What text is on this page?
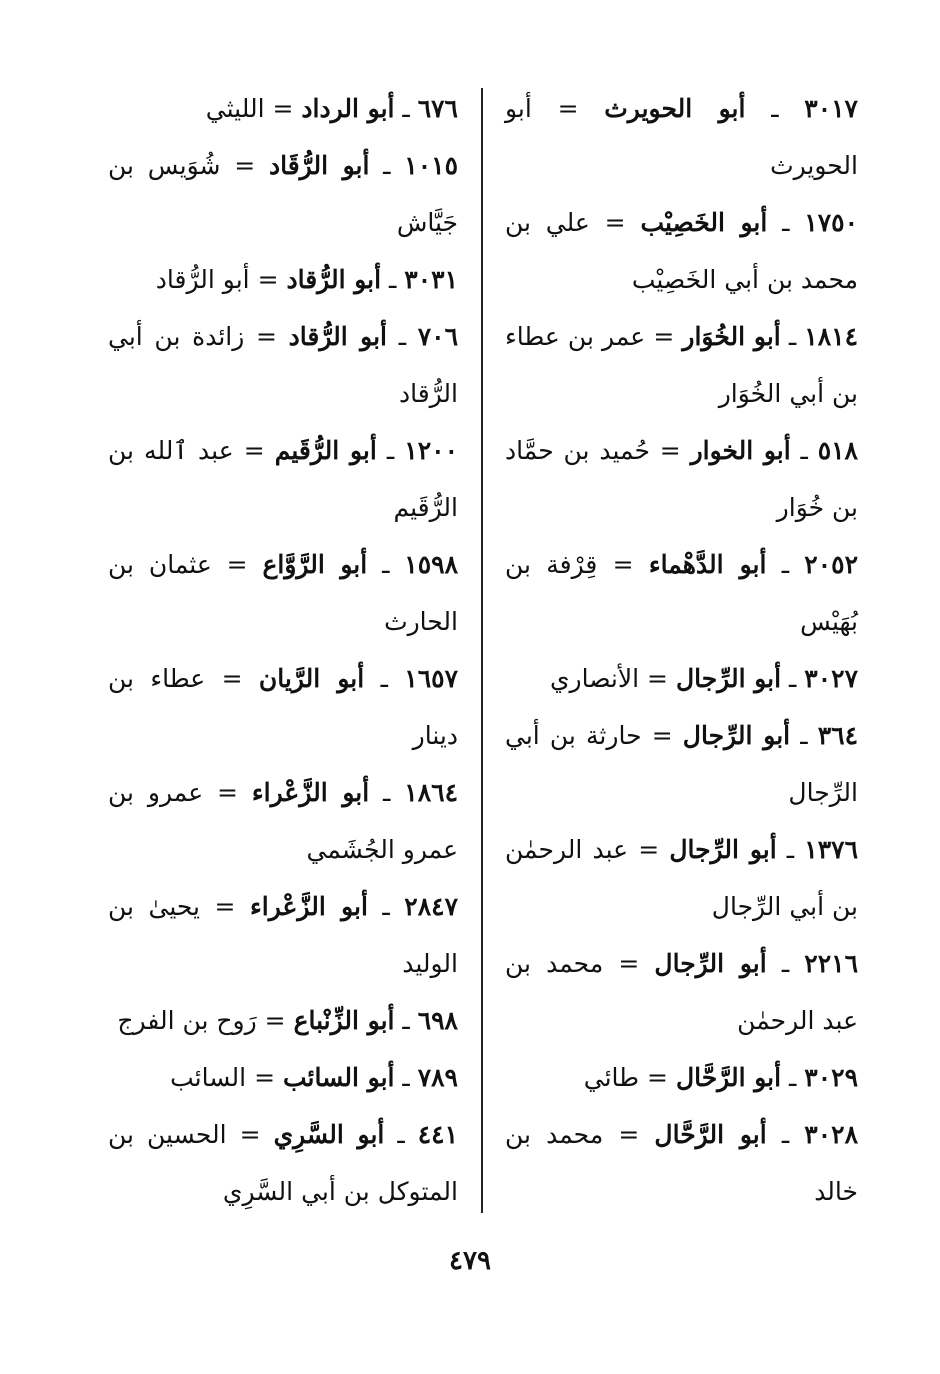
٣٠١٧ ـ أبو الحويرث = أبو الحويرث

١٧٥٠ ـ أبو الخَصِيْب = علي بن محمد بن أبي الخَصِيْب

١٨١٤ ـ أبو الخُوَار = عمر بن عطاء بن أبي الخُوَار

٥١٨ ـ أبو الخوار = حُميد بن حمَّاد بن خُوَار

٢٠٥٢ ـ أبو الدَّهْماء = قِرْفة بن بُهَيْس

٣٠٢٧ ـ أبو الرِّجال = الأنصاري

٣٦٤ ـ أبو الرِّجال = حارثة بن أبي الرِّجال

١٣٧٦ ـ أبو الرِّجال = عبد الرحمٰن بن أبي الرِّجال

٢٢١٦ ـ أبو الرِّجال = محمد بن عبد الرحمٰن

٣٠٢٩ ـ أبو الرَّحَّال = طائي

٣٠٢٨ ـ أبو الرَّحَّال = محمد بن خالد

٦٧٦ ـ أبو الرداد = الليثي

١٠١٥ ـ أبو الرُّقَاد = شُوَيس بن جَيَّاش

٣٠٣١ ـ أبو الرُّقاد = أبو الرُّقاد

٧٠٦ ـ أبو الرُّقاد = زائدة بن أبي الرُّقاد

١٢٠٠ ـ أبو الرُّقَيم = عبد ٱلله بن الرُّقَيم

١٥٩٨ ـ أبو الرَّوَّاع = عثمان بن الحارث

١٦٥٧ ـ أبو الرَّيان = عطاء بن دينار

١٨٦٤ ـ أبو الزَّعْراء = عمرو بن عمرو الجُشَمي

٢٨٤٧ ـ أبو الزَّعْراء = يحيىٰ بن الوليد

٦٩٨ ـ أبو الزِّنْباع = رَوح بن الفرج

٧٨٩ ـ أبو السائب = السائب

٤٤١ ـ أبو السَّرِي = الحسين بن المتوكل بن أبي السَّرِي

٤٧٩
